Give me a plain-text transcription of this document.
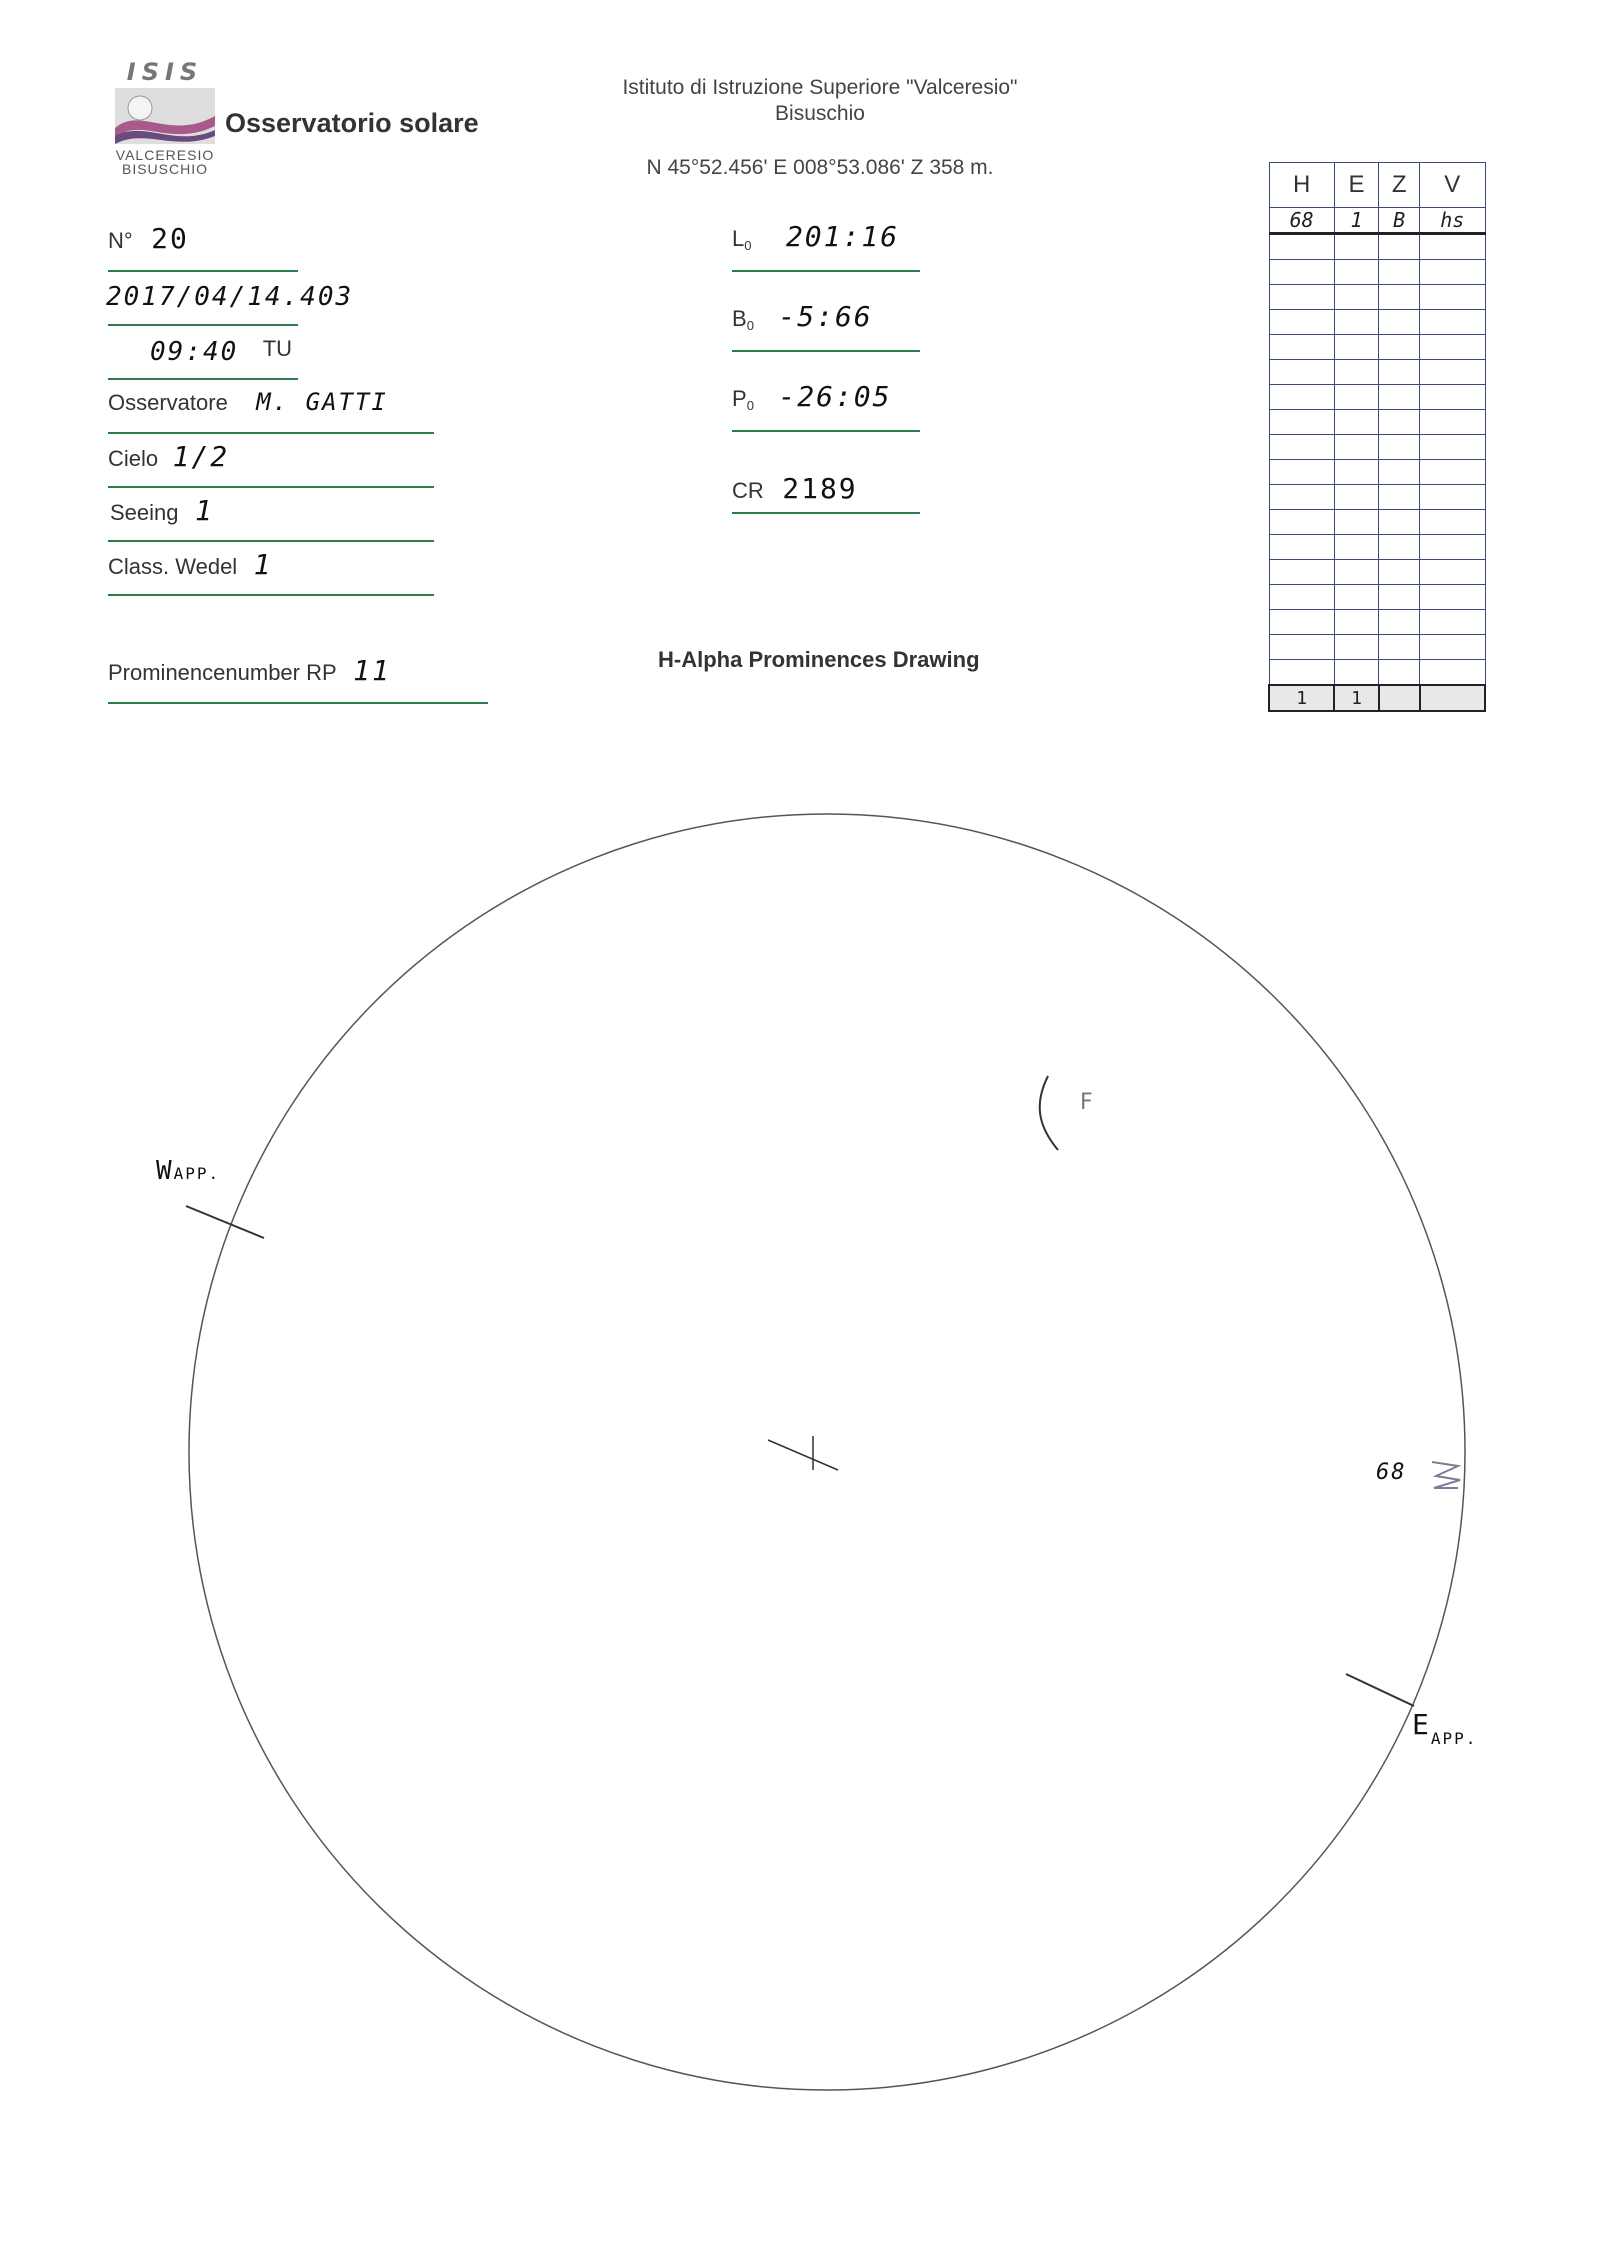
ISIS
VALCERESIO
BISUSCHIO
Osservatorio solare
Istituto di Istruzione Superiore "Valceresio"
Bisuschio
N 45°52.456' E 008°53.086' Z 358 m.
N° 20
2017/04/14.403
09:40 TU
Osservatore M. GATTI
Cielo 1/2
Seeing 1
Class. Wedel 1
Prominencenumber RP 11
$L_0$ 201:16
$B_0$ -5:66
$P_0$ -26:05
CR 2189
H-Alpha Prominences Drawing
H	E	Z	V
68	1	B	hs

1	1		
WAPP.
$E_{APP.}$
68
F
